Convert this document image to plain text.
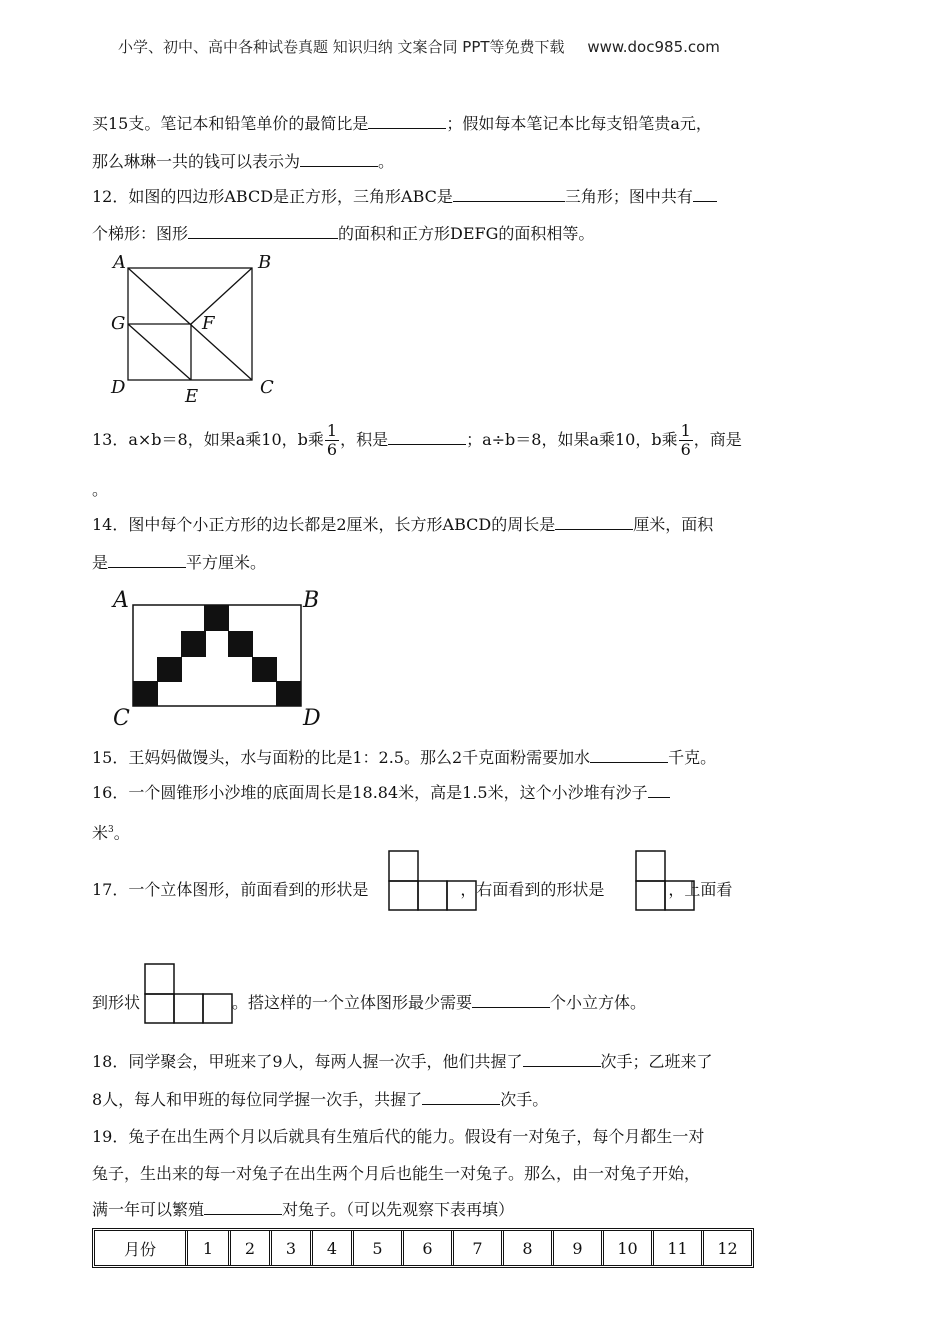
小学、初中、高中各种试卷真题 知识归纳 文案合同 PPT等免费下载 www.doc985.com
买15支。笔记本和铅笔单价的最简比是	；假如每本笔记本比每支铅笔贵a元，
那么琳琳一共的钱可以表示为	。
12．如图的四边形ABCD是正方形，三角形ABC是	三角形；图中共有
个梯形：图形	的面积和正方形DEFG的面积相等。
A	B
G	F
D	C
E
13．a×b＝8，如果a乘10，b乘 $\frac{1}{6}$ ，积是	；a÷b＝8，如果a乘10，b乘 $\frac{1}{6}$ ，商是
。
14．图中每个小正方形的边长都是2厘米，长方形ABCD的周长是	厘米，面积
是	平方厘米。
A	B
C	D
15．王妈妈做馒头，水与面粉的比是1：2.5。那么2千克面粉需要加水	千克。
16．一个圆锥形小沙堆的底面周长是18.84米，高是1.5米，这个小沙堆有沙子
米$^3$。
17．一个立体图形，前面看到的形状是	，右面看到的形状是	，上面看
到形状	。搭这样的一个立体图形最少需要	个小立方体。
18．同学聚会，甲班来了9人，每两人握一次手，他们共握了	次手；乙班来了
8人，每人和甲班的每位同学握一次手，共握了	次手。
19．兔子在出生两个月以后就具有生殖后代的能力。假设有一对兔子，每个月都生一对
兔子，生出来的每一对兔子在出生两个月后也能生一对兔子。那么，由一对兔子开始，
满一年可以繁殖	对兔子。（可以先观察下表再填）
月份	1	2	3	4	5	6	7	8	9	10	11	12
